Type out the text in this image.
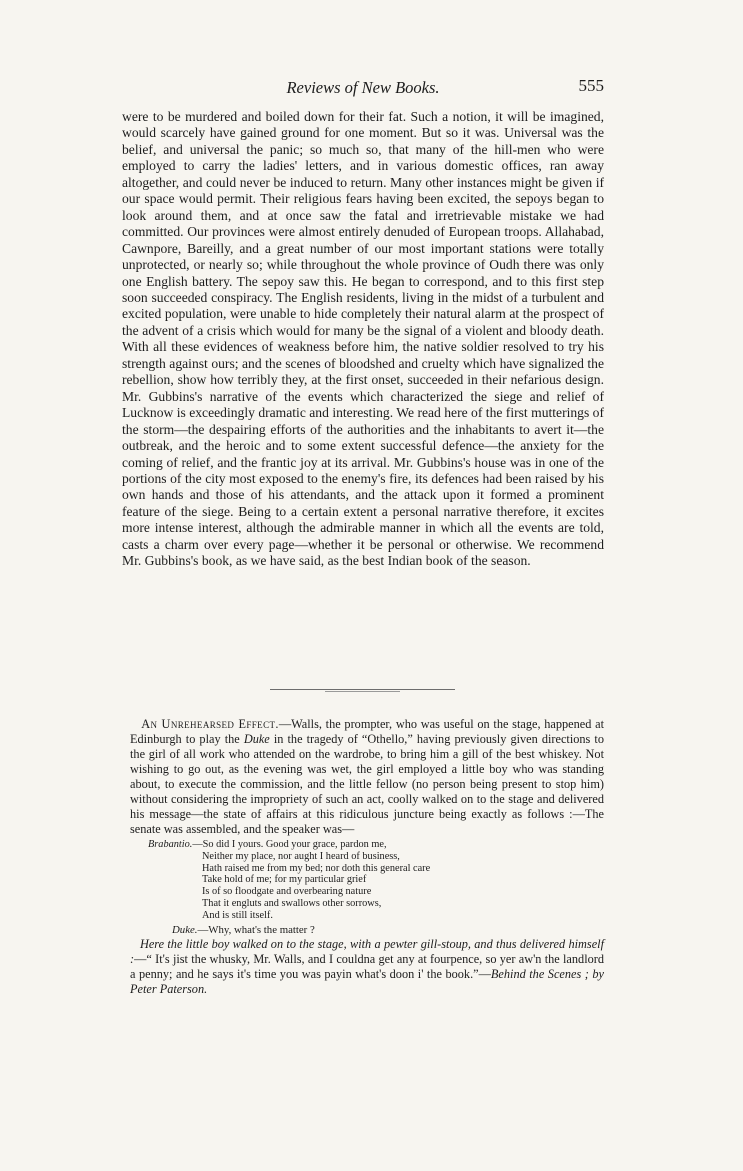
Reviews of New Books.	555

were to be murdered and boiled down for their fat. Such a notion, it will be imagined, would scarcely have gained ground for one moment. But so it was. Universal was the belief, and universal the panic; so much so, that many of the hill-men who were employed to carry the ladies' letters, and in various domestic offices, ran away altogether, and could never be induced to return. Many other instances might be given if our space would permit. Their religious fears having been excited, the sepoys began to look around them, and at once saw the fatal and irretrievable mistake we had committed. Our provinces were almost entirely denuded of European troops. Allahabad, Cawnpore, Bareilly, and a great number of our most important stations were totally unprotected, or nearly so; while throughout the whole province of Oudh there was only one English battery. The sepoy saw this. He began to correspond, and to this first step soon succeeded conspiracy. The English residents, living in the midst of a turbulent and excited population, were unable to hide completely their natural alarm at the prospect of the advent of a crisis which would for many be the signal of a violent and bloody death. With all these evidences of weakness before him, the native soldier resolved to try his strength against ours; and the scenes of bloodshed and cruelty which have signalized the rebellion, show how terribly they, at the first onset, succeeded in their nefarious design. Mr. Gubbins's narrative of the events which characterized the siege and relief of Lucknow is exceedingly dramatic and interesting. We read here of the first mutterings of the storm—the despairing efforts of the authorities and the inhabitants to avert it—the outbreak, and the heroic and to some extent successful defence—the anxiety for the coming of relief, and the frantic joy at its arrival. Mr. Gubbins's house was in one of the portions of the city most exposed to the enemy's fire, its defences had been raised by his own hands and those of his attendants, and the attack upon it formed a prominent feature of the siege. Being to a certain extent a personal narrative therefore, it excites more intense interest, although the admirable manner in which all the events are told, casts a charm over every page—whether it be personal or otherwise. We recommend Mr. Gubbins's book, as we have said, as the best Indian book of the season.

An Unrehearsed Effect.—Walls, the prompter, who was useful on the stage, happened at Edinburgh to play the Duke in the tragedy of “Othello,” having previously given directions to the girl of all work who attended on the wardrobe, to bring him a gill of the best whiskey. Not wishing to go out, as the evening was wet, the girl employed a little boy who was standing about, to execute the commission, and the little fellow (no person being present to stop him) without considering the impropriety of such an act, coolly walked on to the stage and delivered his message—the state of affairs at this ridiculous juncture being exactly as follows :—The senate was assembled, and the speaker was—

Brabantio.—So did I yours. Good your grace, pardon me,
Neither my place, nor aught I heard of business,
Hath raised me from my bed; nor doth this general care
Take hold of me; for my particular grief
Is of so floodgate and overbearing nature
That it engluts and swallows other sorrows,
And is still itself.
Duke.—Why, what's the matter ?

Here the little boy walked on to the stage, with a pewter gill-stoup, and thus delivered himself :—“ It's jist the whusky, Mr. Walls, and I couldna get any at fourpence, so yer aw'n the landlord a penny; and he says it's time you was payin what's doon i' the book.”—Behind the Scenes ; by Peter Paterson.
